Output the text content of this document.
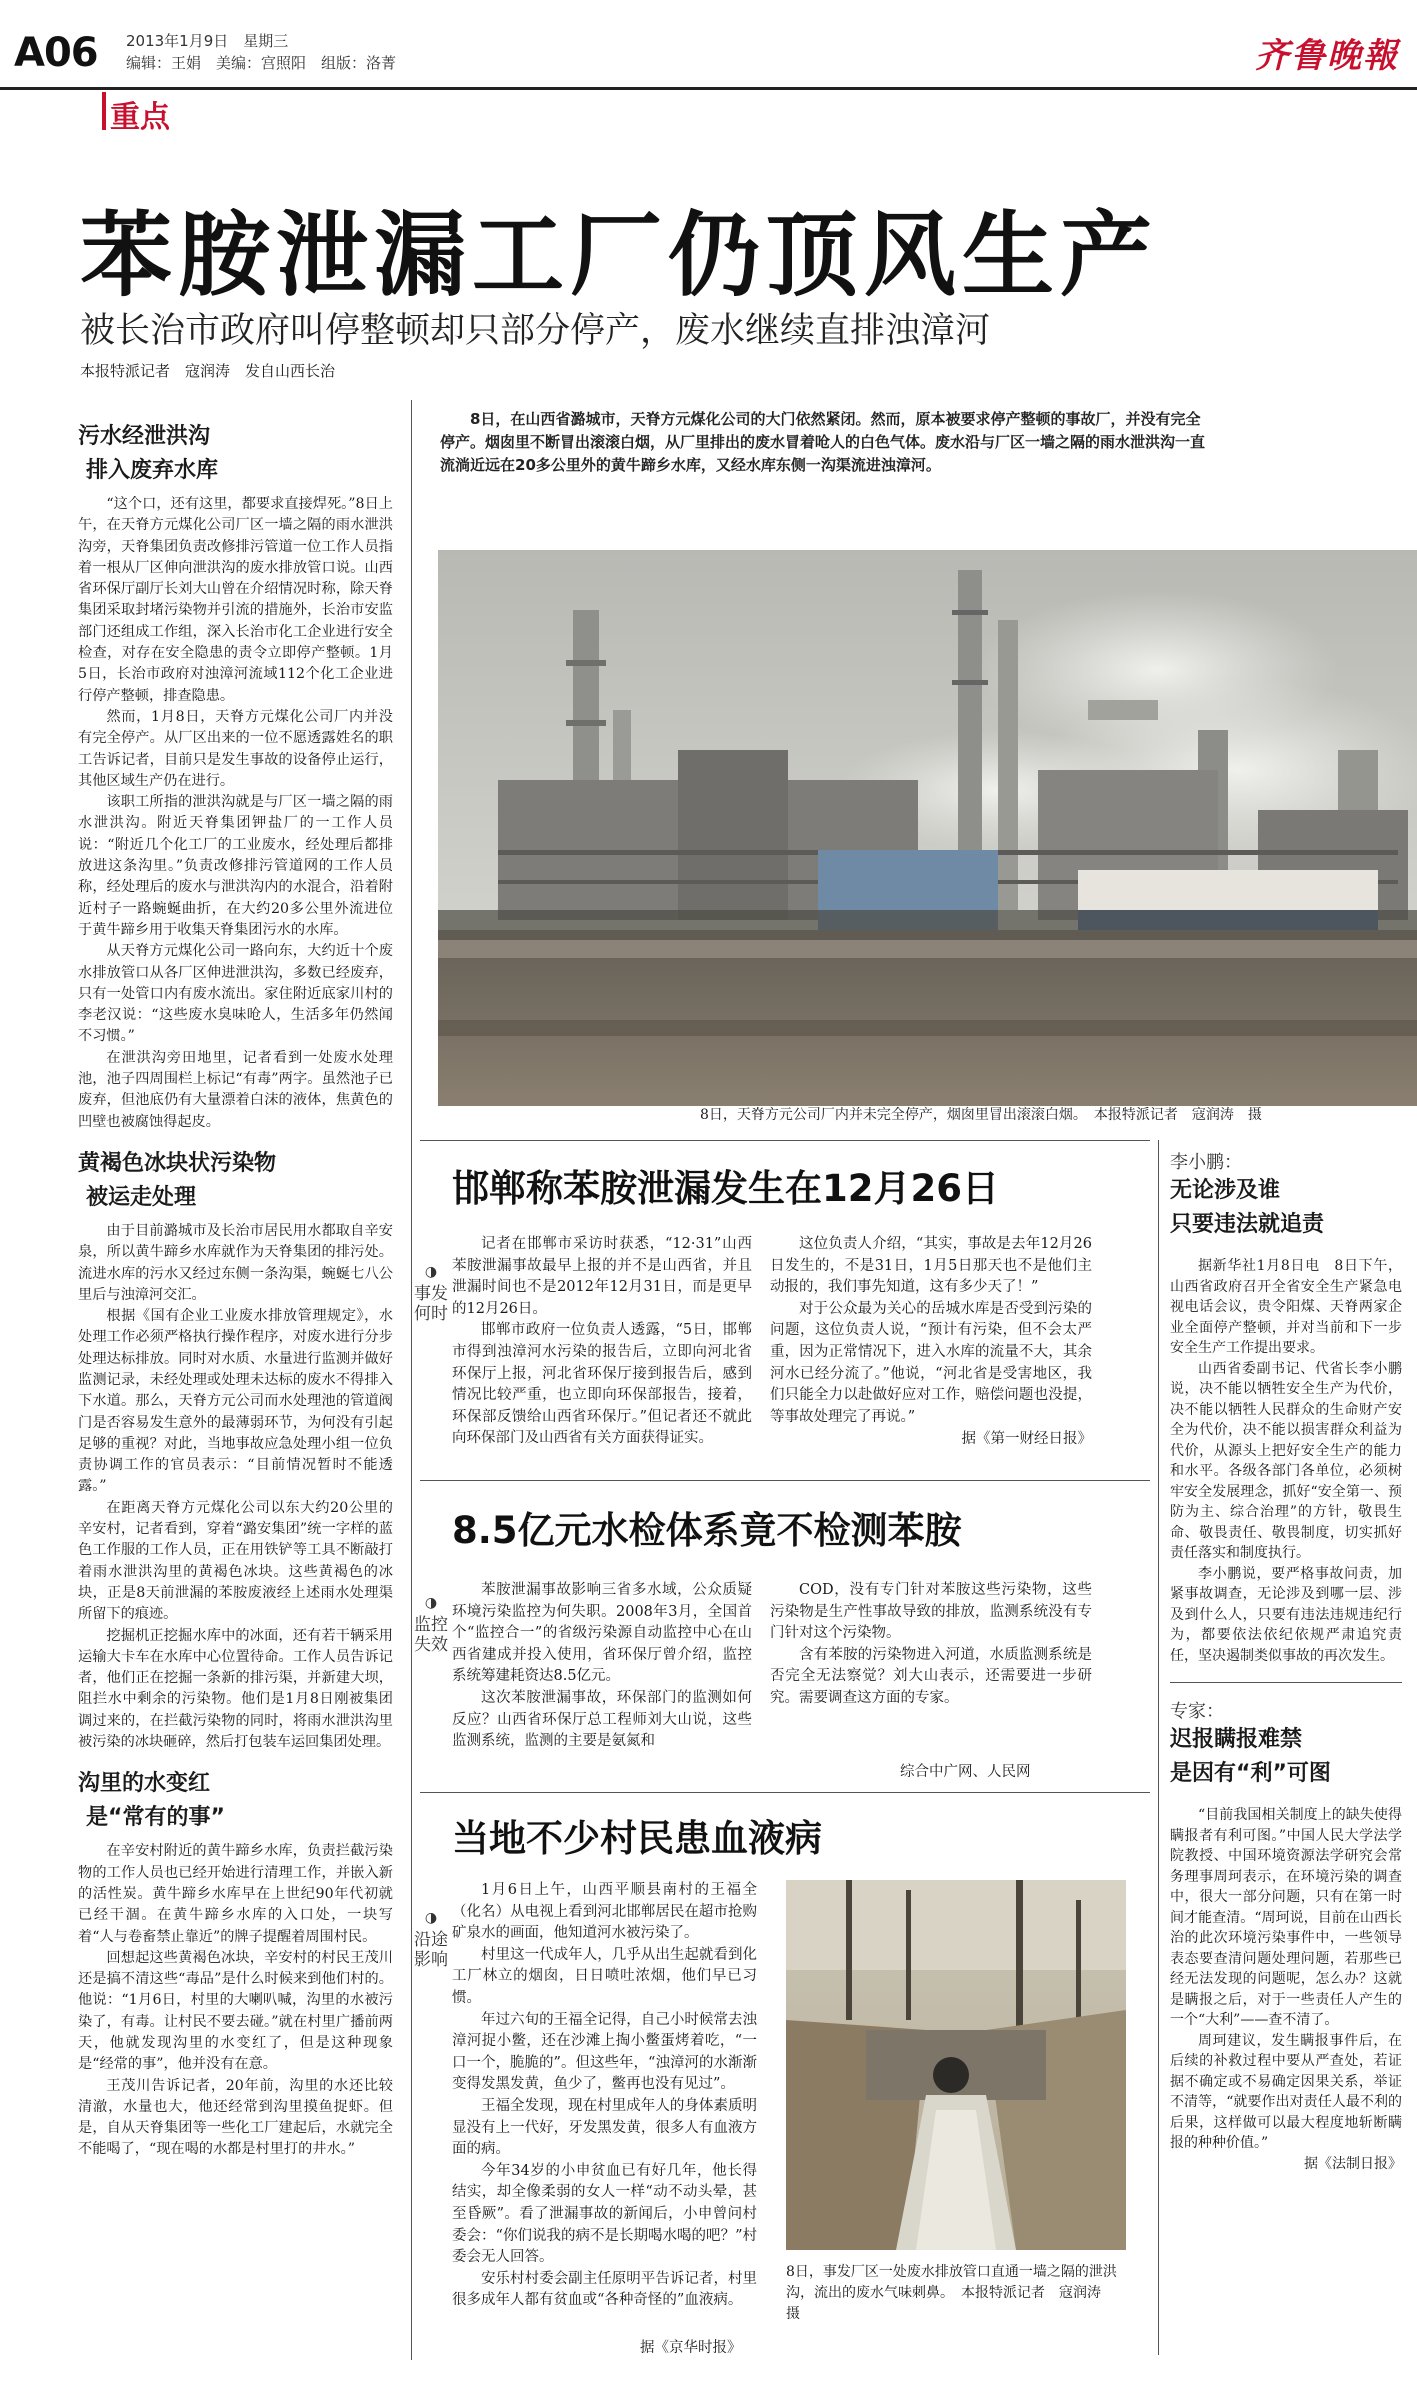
A06 2013年1月9日　星期三
编辑：王娟　美编：宫照阳　组版：洛菁	齐鲁晚報
重点
苯胺泄漏工厂仍顶风生产
被长治市政府叫停整顿却只部分停产，废水继续直排浊漳河
本报特派记者　寇润涛　发自山西长治
污水经泄洪沟
排入废弃水库

“这个口，还有这里，都要求直接焊死。”8日上午，在天脊方元煤化公司厂区一墙之隔的雨水泄洪沟旁，天脊集团负责改修排污管道一位工作人员指着一根从厂区伸向泄洪沟的废水排放管口说。山西省环保厅副厅长刘大山曾在介绍情况时称，除天脊集团采取封堵污染物并引流的措施外，长治市安监部门还组成工作组，深入长治市化工企业进行安全检查，对存在安全隐患的责令立即停产整顿。1月5日，长治市政府对浊漳河流域112个化工企业进行停产整顿，排查隐患。

然而，1月8日，天脊方元煤化公司厂内并没有完全停产。从厂区出来的一位不愿透露姓名的职工告诉记者，目前只是发生事故的设备停止运行，其他区域生产仍在进行。

该职工所指的泄洪沟就是与厂区一墙之隔的雨水泄洪沟。附近天脊集团钾盐厂的一工作人员说：“附近几个化工厂的工业废水，经处理后都排放进这条沟里。”负责改修排污管道网的工作人员称，经处理后的废水与泄洪沟内的水混合，沿着附近村子一路蜿蜒曲折，在大约20多公里外流进位于黄牛蹄乡用于收集天脊集团污水的水库。

从天脊方元煤化公司一路向东，大约近十个废水排放管口从各厂区伸进泄洪沟，多数已经废弃，只有一处管口内有废水流出。家住附近底家川村的李老汉说：“这些废水臭味呛人，生活多年仍然闻不习惯。”

在泄洪沟旁田地里，记者看到一处废水处理池，池子四周围栏上标记“有毒”两字。虽然池子已废弃，但池底仍有大量漂着白沫的液体，焦黄色的凹壁也被腐蚀得起皮。

黄褐色冰块状污染物
被运走处理

由于目前潞城市及长治市居民用水都取自辛安泉，所以黄牛蹄乡水库就作为天脊集团的排污处。流进水库的污水又经过东侧一条沟渠，蜿蜒七八公里后与浊漳河交汇。

根据《国有企业工业废水排放管理规定》，水处理工作必须严格执行操作程序，对废水进行分步处理达标排放。同时对水质、水量进行监测并做好监测记录，未经处理或处理未达标的废水不得排入下水道。那么，天脊方元公司而水处理池的管道阀门是否容易发生意外的最薄弱环节，为何没有引起足够的重视？对此，当地事故应急处理小组一位负责协调工作的官员表示：“目前情况暂时不能透露。”

在距离天脊方元煤化公司以东大约20公里的辛安村，记者看到，穿着“潞安集团”统一字样的蓝色工作服的工作人员，正在用铁铲等工具不断敲打着雨水泄洪沟里的黄褐色冰块。这些黄褐色的冰块，正是8天前泄漏的苯胺废液经上述雨水处理渠所留下的痕迹。

挖掘机正挖掘水库中的冰面，还有若干辆采用运输大卡车在水库中心位置待命。工作人员告诉记者，他们正在挖掘一条新的排污渠，并新建大坝，阻拦水中剩余的污染物。他们是1月8日刚被集团调过来的，在拦截污染物的同时，将雨水泄洪沟里被污染的冰块砸碎，然后打包装车运回集团处理。

沟里的水变红
是“常有的事”

在辛安村附近的黄牛蹄乡水库，负责拦截污染物的工作人员也已经开始进行清理工作，并嵌入新的活性炭。黄牛蹄乡水库早在上世纪90年代初就已经干涸。在黄牛蹄乡水库的入口处，一块写着“人与卷畜禁止靠近”的牌子提醒着周围村民。

回想起这些黄褐色冰块，辛安村的村民王茂川还是搞不清这些“毒品”是什么时候来到他们村的。他说：“1月6日，村里的大喇叭喊，沟里的水被污染了，有毒。让村民不要去碰。”就在村里广播前两天，他就发现沟里的水变红了，但是这种现象是“经常的事”，他并没有在意。

王茂川告诉记者，20年前，沟里的水还比较清澈，水量也大，他还经常到沟里摸鱼捉虾。但是，自从天脊集团等一些化工厂建起后，水就完全不能喝了，“现在喝的水都是村里打的井水。”

8日，在山西省潞城市，天脊方元煤化公司的大门依然紧闭。然而，原本被要求停产整顿的事故厂，并没有完全停产。烟囱里不断冒出滚滚白烟，从厂里排出的废水冒着呛人的白色气体。废水沿与厂区一墙之隔的雨水泄洪沟一直流淌近远在20多公里外的黄牛蹄乡水库，又经水库东侧一沟渠流进浊漳河。
8日，天脊方元公司厂内并未完全停产，烟囱里冒出滚滚白烟。　本报特派记者　寇润涛　摄
邯郸称苯胺泄漏发生在12月26日
◑
事发何时

记者在邯郸市采访时获悉，“12·31”山西苯胺泄漏事故最早上报的并不是山西省，并且泄漏时间也不是2012年12月31日，而是更早的12月26日。

邯郸市政府一位负责人透露，“5日，邯郸市得到浊漳河水污染的报告后，立即向河北省环保厅上报，河北省环保厅接到报告后，感到情况比较严重，也立即向环保部报告，接着，环保部反馈给山西省环保厅。”但记者还不就此向环保部门及山西省有关方面获得证实。

这位负责人介绍，“其实，事故是去年12月26日发生的，不是31日，1月5日那天也不是他们主动报的，我们事先知道，这有多少天了！”

对于公众最为关心的岳城水库是否受到污染的问题，这位负责人说，“预计有污染，但不会太严重，因为正常情况下，进入水库的流量不大，其余河水已经分流了。”他说，“河北省是受害地区，我们只能全力以赴做好应对工作，赔偿问题也没提，等事故处理完了再说。”

据《第一财经日报》

8.5亿元水检体系竟不检测苯胺
◑
监控失效

苯胺泄漏事故影响三省多水域，公众质疑环境污染监控为何失职。2008年3月，全国首个“监控合一”的省级污染源自动监控中心在山西省建成并投入使用，省环保厅曾介绍，监控系统筹建耗资达8.5亿元。

这次苯胺泄漏事故，环保部门的监测如何反应？山西省环保厅总工程师刘大山说，这些监测系统，监测的主要是氨氮和

COD，没有专门针对苯胺这些污染物，这些污染物是生产性事故导致的排放，监测系统没有专门针对这个污染物。

含有苯胺的污染物进入河道，水质监测系统是否完全无法察觉？刘大山表示，还需要进一步研究。需要调查这方面的专家。

综合中广网、人民网
当地不少村民患血液病
◑
沿途影响

1月6日上午，山西平顺县南村的王福全（化名）从电视上看到河北邯郸居民在超市抢购矿泉水的画面，他知道河水被污染了。

村里这一代成年人，几乎从出生起就看到化工厂林立的烟囱，日日喷吐浓烟，他们早已习惯。

年过六旬的王福全记得，自己小时候常去浊漳河捉小鳖，还在沙滩上掏小鳖蛋烤着吃，“一口一个，脆脆的”。但这些年，“浊漳河的水渐渐变得发黑发黄，鱼少了，鳖再也没有见过”。

王福全发现，现在村里成年人的身体素质明显没有上一代好，牙发黑发黄，很多人有血液方面的病。

今年34岁的小申贫血已有好几年，他长得结实，却全像柔弱的女人一样“动不动头晕，甚至昏厥”。看了泄漏事故的新闻后，小申曾问村委会：“你们说我的病不是长期喝水喝的吧？”村委会无人回答。

安乐村村委会副主任原明平告诉记者，村里很多成年人都有贫血或“各种奇怪的”血液病。

据《京华时报》
8日，事发厂区一处废水排放管口直通一墙之隔的泄洪沟，流出的废水气味刺鼻。　本报特派记者　寇润涛　摄
李小鹏：
无论涉及谁
只要违法就追责

据新华社1月8日电　8日下午，山西省政府召开全省安全生产紧急电视电话会议，贵令阳煤、天脊两家企业全面停产整顿，并对当前和下一步安全生产工作提出要求。

山西省委副书记、代省长李小鹏说，决不能以牺牲安全生产为代价，决不能以牺牲人民群众的生命财产安全为代价，决不能以损害群众利益为代价，从源头上把好安全生产的能力和水平。各级各部门各单位，必须树牢安全发展理念，抓好“安全第一、预防为主、综合治理”的方针，敬畏生命、敬畏责任、敬畏制度，切实抓好责任落实和制度执行。

李小鹏说，要严格事故问责，加紧事故调查，无论涉及到哪一层、涉及到什么人，只要有违法违规违纪行为，都要依法依纪依规严肃追究责任，坚决遏制类似事故的再次发生。

专家：
迟报瞒报难禁
是因有“利”可图

“目前我国相关制度上的缺失使得瞒报者有利可图。”中国人民大学法学院教授、中国环境资源法学研究会常务理事周珂表示，在环境污染的调查中，很大一部分问题，只有在第一时间才能查清。“周珂说，目前在山西长治的此次环境污染事件中，一些领导表态要查清问题处理问题，若那些已经无法发现的问题呢，怎么办？这就是瞒报之后，对于一些责任人产生的一个“大利”——查不清了。

周珂建议，发生瞒报事件后，在后续的补救过程中要从严查处，若证据不确定或不易确定因果关系，举证不清等，“就要作出对责任人最不利的后果，这样做可以最大程度地斩断瞒报的种种价值。”

据《法制日报》
